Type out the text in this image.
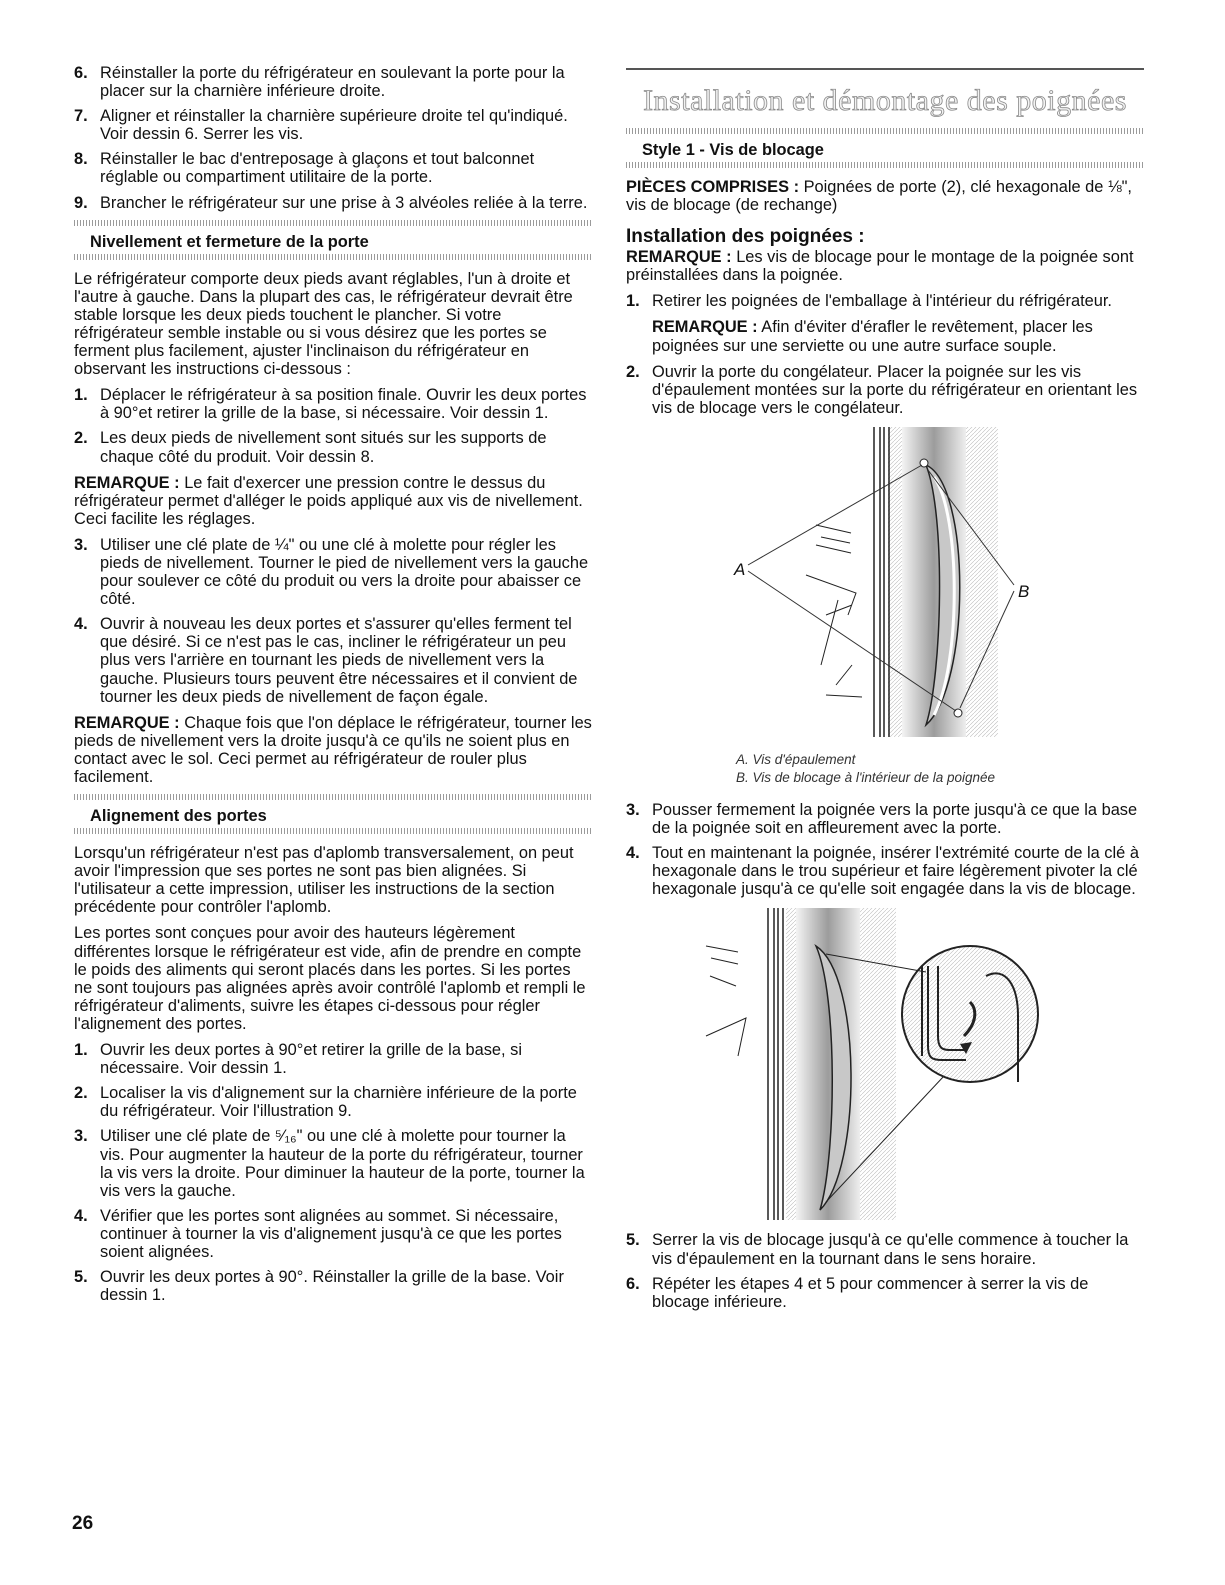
6. Réinstaller la porte du réfrigérateur en soulevant la porte pour la placer sur la charnière inférieure droite.
7. Aligner et réinstaller la charnière supérieure droite tel qu'indiqué. Voir dessin 6. Serrer les vis.
8. Réinstaller le bac d'entreposage à glaçons et tout balconnet réglable ou compartiment utilitaire de la porte.
9. Brancher le réfrigérateur sur une prise à 3 alvéoles reliée à la terre.
Nivellement et fermeture de la porte

Le réfrigérateur comporte deux pieds avant réglables, l'un à droite et l'autre à gauche. Dans la plupart des cas, le réfrigérateur devrait être stable lorsque les deux pieds touchent le plancher. Si votre réfrigérateur semble instable ou si vous désirez que les portes se ferment plus facilement, ajuster l'inclinaison du réfrigérateur en observant les instructions ci-dessous :

1. Déplacer le réfrigérateur à sa position finale. Ouvrir les deux portes à 90°et retirer la grille de la base, si nécessaire. Voir dessin 1.
2. Les deux pieds de nivellement sont situés sur les supports de chaque côté du produit. Voir dessin 8.

REMARQUE : Le fait d'exercer une pression contre le dessus du réfrigérateur permet d'alléger le poids appliqué aux vis de nivellement. Ceci facilite les réglages.

3. Utiliser une clé plate de ¼" ou une clé à molette pour régler les pieds de nivellement. Tourner le pied de nivellement vers la gauche pour soulever ce côté du produit ou vers la droite pour abaisser ce côté.
4. Ouvrir à nouveau les deux portes et s'assurer qu'elles ferment tel que désiré. Si ce n'est pas le cas, incliner le réfrigérateur un peu plus vers l'arrière en tournant les pieds de nivellement vers la gauche. Plusieurs tours peuvent être nécessaires et il convient de tourner les deux pieds de nivellement de façon égale.

REMARQUE : Chaque fois que l'on déplace le réfrigérateur, tourner les pieds de nivellement vers la droite jusqu'à ce qu'ils ne soient plus en contact avec le sol. Ceci permet au réfrigérateur de rouler plus facilement.

Alignement des portes

Lorsqu'un réfrigérateur n'est pas d'aplomb transversalement, on peut avoir l'impression que ses portes ne sont pas bien alignées. Si l'utilisateur a cette impression, utiliser les instructions de la section précédente pour contrôler l'aplomb.

Les portes sont conçues pour avoir des hauteurs légèrement différentes lorsque le réfrigérateur est vide, afin de prendre en compte le poids des aliments qui seront placés dans les portes. Si les portes ne sont toujours pas alignées après avoir contrôlé l'aplomb et rempli le réfrigérateur d'aliments, suivre les étapes ci-dessous pour régler l'alignement des portes.

1. Ouvrir les deux portes à 90°et retirer la grille de la base, si nécessaire. Voir dessin 1.
2. Localiser la vis d'alignement sur la charnière inférieure de la porte du réfrigérateur. Voir l'illustration 9.
3. Utiliser une clé plate de ⁵⁄₁₆" ou une clé à molette pour tourner la vis. Pour augmenter la hauteur de la porte du réfrigérateur, tourner la vis vers la droite. Pour diminuer la hauteur de la porte, tourner la vis vers la gauche.
4. Vérifier que les portes sont alignées au sommet. Si nécessaire, continuer à tourner la vis d'alignement jusqu'à ce que les portes soient alignées.
5. Ouvrir les deux portes à 90°. Réinstaller la grille de la base. Voir dessin 1.
Installation et démontage des poignées
Style 1 - Vis de blocage

PIÈCES COMPRISES : Poignées de porte (2), clé hexagonale de ⅛", vis de blocage (de rechange)

Installation des poignées :

REMARQUE : Les vis de blocage pour le montage de la poignée sont préinstallées dans la poignée.

1. Retirer les poignées de l'emballage à l'intérieur du réfrigérateur.

REMARQUE : Afin d'éviter d'érafler le revêtement, placer les poignées sur une serviette ou une autre surface souple.

2. Ouvrir la porte du congélateur. Placer la poignée sur les vis d'épaulement montées sur la porte du réfrigérateur en orientant les vis de blocage vers le congélateur.
A
B
A. Vis d'épaulement
B. Vis de blocage à l'intérieur de la poignée
3. Pousser fermement la poignée vers la porte jusqu'à ce que la base de la poignée soit en affleurement avec la porte.
4. Tout en maintenant la poignée, insérer l'extrémité courte de la clé à hexagonale dans le trou supérieur et faire légèrement pivoter la clé hexagonale jusqu'à ce qu'elle soit engagée dans la vis de blocage.
5. Serrer la vis de blocage jusqu'à ce qu'elle commence à toucher la vis d'épaulement en la tournant dans le sens horaire.
6. Répéter les étapes 4 et 5 pour commencer à serrer la vis de blocage inférieure.
26
